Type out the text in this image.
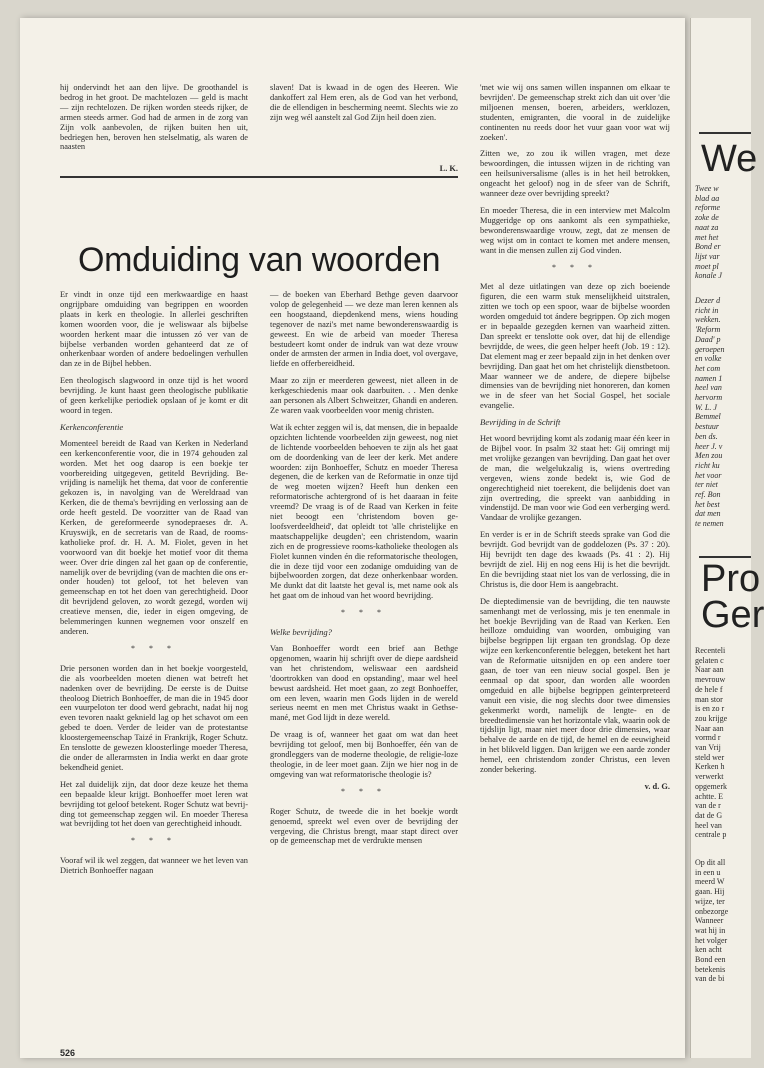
hij ondervindt het aan den lijve. De groothandel is bedrog in het groot. De machtelozen — geld is macht — zijn rechtelozen. De rijken worden steeds rijker, de armen steeds armer. God had de armen in de zorg van Zijn volk aanbevolen, de rijken buiten hen uit, bedriegen hen, beroven hen stelselmatig, als waren de naasten

slaven! Dat is kwaad in de ogen des Heeren. Wie dankoffert zal Hem eren, als de God van het verbond, die de ellendigen in bescherming neemt. Slechts wie zo zijn weg wél aanstelt zal God Zijn heil doen zien.

L. K.
Omduiding van woorden

Er vindt in onze tijd een merkwaardige en haast ongrijpbare omduiding van begrippen en woorden plaats in kerk en theologie. In allerlei geschriften komen woorden voor, die je weliswaar als bijbelse woorden herkent maar die intussen zó ver van de bijbelse verbanden worden gehanteerd dat ze of onherkenbaar worden of andere bedoelingen verhullen dan ze in de Bijbel hebben.

Een theologisch slagwoord in onze tijd is het woord bevrijding. Je kunt haast geen theologische publikatie of geen kerkelijke periodiek opslaan of je komt er dit woord in tegen.

Kerkenconferentie

Momenteel bereidt de Raad van Kerken in Nederland een kerkenconferentie voor, die in 1974 gehouden zal worden. Met het oog daarop is een boekje ter voorbereiding uitgegeven, getiteld Bevrijding. Bevrijding is namelijk het thema, dat voor de conferentie gekozen is, in navolging van de Wereldraad van Kerken, die de thema's bevrijding en verlossing aan de orde heeft gesteld. De voorzitter van de Raad van Kerken, de gereformeerde synodepraeses dr. A. Kruyswijk, en de secretaris van de Raad, de rooms-katholieke prof. dr. H. A. M. Fiolet, geven in het voorwoord van dit boekje het motief voor dit thema weer. Over drie dingen zal het gaan op de conferentie, namelijk over de bevrijding (van de machten die ons eronder houden) tot geloof, tot het beleven van gemeenschap en tot het doen van gerechtigheid. Door dit bevrijdend geloven, zo wordt gezegd, worden wij creatieve mensen, die, ieder in eigen omgeving, de belemmeringen kunnen wegnemen voor onszelf en anderen.

* * *

Drie personen worden dan in het boekje voorgesteld, die als voorbeelden moeten dienen wat betreft het nadenken over de bevrijding. De eerste is de Duitse theoloog Dietrich Bonhoeffer, de man die in 1945 door een vuurpeloton ter dood werd gebracht, nadat hij nog even tevoren naakt geknield lag op het schavot om een gebed te doen. Verder de leider van de protestantse kloostergemeenschap Taizé in Frankrijk, Roger Schutz. En tenslotte de gewezen kloosterlinge moeder Theresa, die onder de allerarmsten in India werkt en daar grote bekendheid geniet.

Het zal duidelijk zijn, dat door deze keuze het thema een bepaalde kleur krijgt. Bonhoeffer moet leren wat bevrijding tot geloof betekent. Roger Schutz wat bevrijding tot gemeenschap zeggen wil. En moeder Theresa wat bevrijding tot het doen van gerechtigheid inhoudt.

* * *

Vooraf wil ik wel zeggen, dat wanneer we het leven van Dietrich Bonhoeffer nagaan

— de boeken van Eberhard Bethge geven daarvoor volop de gelegenheid — we deze man leren kennen als een hoogstaand, diepdenkend mens, wiens houding tegenover de nazi's met name bewonderenswaardig is geweest. En wie de arbeid van moeder Theresa bestudeert komt onder de indruk van wat deze vrouw onder de armsten der armen in India doet, vol overgave, liefde en offerbereidheid.

Maar zo zijn er meerderen geweest, niet alleen in de kerkgeschiedenis maar ook daarbuiten. . . Men denke aan personen als Albert Schweitzer, Ghandi en anderen. Ze waren vaak voorbeelden voor menig christen.

Wat ik echter zeggen wil is, dat mensen, die in bepaalde opzichten lichtende voorbeelden zijn geweest, nog niet de lichtende voorbeelden behoeven te zijn als het gaat om de doordenking van de leer der kerk. Met andere woorden: zijn Bonhoeffer, Schutz en moeder Theresa degenen, die de kerken van de Reformatie in onze tijd de weg moeten wijzen? Heeft hun denken een reformatorische achtergrond of is het daaraan in feite vreemd? De vraag is of de Raad van Kerken in feite niet beoogt een 'christendom boven geloofsverdeeldheid', dat opleidt tot 'alle christelijke en maatschappelijke deugden'; een christendom, waarin zich en de progressieve rooms-katholieke theologen als Fiolet kunnen vinden én die reformatorische theologen, die in deze tijd voor een zodanige omduiding van de bijbelwoorden zorgen, dat deze onherkenbaar worden. Me dunkt dat dit laatste het geval is, met name ook als het gaat om de inhoud van het woord bevrijding.

* * *
Welke bevrijding?

Van Bonhoeffer wordt een brief aan Bethge opgenomen, waarin hij schrijft over de diepe aardsheid van het christendom, weliswaar een aardsheid 'doortrokken van dood en opstanding', maar wel heel bewust aardsheid. Het moet gaan, zo zegt Bonhoeffer, om een leven, waarin men Gods lijden in de wereld serieus neemt en men met Christus waakt in Gethsemané, met God lijdt in deze wereld.

De vraag is of, wanneer het gaat om wat dan heet bevrijding tot geloof, men bij Bonhoeffer, één van de grondleggers van de moderne theologie, de religie-loze theologie, in de leer moet gaan. Zijn we hier nog in de omgeving van wat reformatorische theologie is?

* * *

Roger Schutz, de tweede die in het boekje wordt genoemd, spreekt wel even over de bevrijding der vergeving, die Christus brengt, maar stapt direct over op de gemeenschap met de verdrukte mensen

'met wie wij ons samen willen inspannen om elkaar te bevrijden'. De gemeenschap strekt zich dan uit over 'die miljoenen mensen, boeren, arbeiders, werklozen, studenten, emigranten, die vooral in de zuidelijke continenten nu reeds door het vuur gaan voor wat wij zoeken'.

Zitten we, zo zou ik willen vragen, met deze bewoordingen, die intussen wijzen in de richting van een heilsuniversalisme (alles is in het heil betrokken, ongeacht het geloof) nog in de sfeer van de Schrift, wanneer deze over bevrijding spreekt?

En moeder Theresa, die in een interview met Malcolm Muggeridge op ons aankomt als een sympathieke, bewonderenswaardige vrouw, zegt, dat ze mensen de weg wijst om in contact te komen met andere mensen, want in die mensen zullen zij God vinden.

* * *

Met al deze uitlatingen van deze op zich boeiende figuren, die een warm stuk menselijkheid uitstralen, zitten we toch op een spoor, waar de bijbelse woorden worden omgeduid tot ándere begrippen. Op zich mogen er in bepaalde gezegden kernen van waarheid zitten. Dan spreekt er tenslotte ook over, dat hij de ellendige bevrijdde, de wees, die geen helper heeft (Job. 19 : 12). Dat element mag er zeer bepaald zijn in het denken over bevrijding. Dan gaat het om het christelijk dienstbetoon. Maar wanneer we de andere, de diepere bijbelse dimensies van de bevrijding niet honoreren, dan komen we in de sfeer van het Social Gospel, het sociale evangelie.

Bevrijding in de Schrift

Het woord bevrijding komt als zodanig maar één keer in de Bijbel voor. In psalm 32 staat het: Gij omringt mij met vrolijke gezangen van bevrijding. Dan gaat het over de man, die welgelukzalig is, wiens overtreding vergeven, wiens zonde bedekt is, wie God de ongerechtigheid niet toerekent, die belijdenis doet van zijn overtreding, die spreekt van aanbidding in vindenstijd. De man voor wie God een verberging werd. Vandaar de vrolijke gezangen.

En verder is er in de Schrift steeds sprake van God die bevrijdt. God bevrijdt van de goddelozen (Ps. 37 : 20). Hij bevrijdt ten dage des kwaads (Ps. 41 : 2). Hij bevrijdt de ziel. Hij en nog eens Hij is het die bevrijdt. En die bevrijding staat niet los van de verlossing, die in Christus is, die door Hem is aangebracht.

De dieptedimensie van de bevrijding, die ten nauwste samenhangt met de verlossing, mis je ten enenmale in het boekje Bevrijding van de Raad van Kerken. Een heilloze omduiding van woorden, ombuiging van bijbelse begrippen lijt ergaan ten grondslag. Op deze wijze een kerkenconferentie beleggen, betekent het hart van de Reformatie uitsnijden en op een andere toer gaan, de toer van een nieuw social gospel. Ben je eenmaal op dat spoor, dan worden alle woorden omgeduid en alle bijbelse begrippen geïnterpreteerd vanuit een visie, die nog slechts door twee dimensies gekenmerkt wordt, namelijk de lengte- en de breedtedimensie van het horizontale vlak, waarin ook de tijdslijn ligt, maar niet meer door drie dimensies, waar behalve de aarde en de tijd, de hemel en de eeuwigheid in het blikveld liggen. Dan krijgen we een aarde zonder hemel, een christendom zonder Christus, een leven zonder bekering.

v. d. G.
526
We
Twee w
blad aa
reforme
zoke de
naat za
met het
Bond er
lijst var
moet pl
konale J
Dezer d
richt in
wekken.
'Reform
Daad' p
geroepen
en volke
het com
namen 1
heel van
hervorm
W. L. J
Bemmel
bestuur
ben ds.
heer J. v
Men zou
richt ku
het voor
ter niet
ref. Bon
het best
dat men
te nemen
Pro
Ger
Recenteli
gelaten c
Naar aan
mevrouw
de hele f
man stor
is en zo r
zou krijge
Naar aan
vormd r
van Vrij
steld wer
Kerken h
verwerkt
opgemerk
achtte. E
van de r
dat de G
heel van
centrale p
Op dit all
in een u
meerd W
gaan. Hij
wijze, ter
onbezorge
Wanneer
wat hij in
het volger
ken acht
Bond een
betekenis
van de bi
